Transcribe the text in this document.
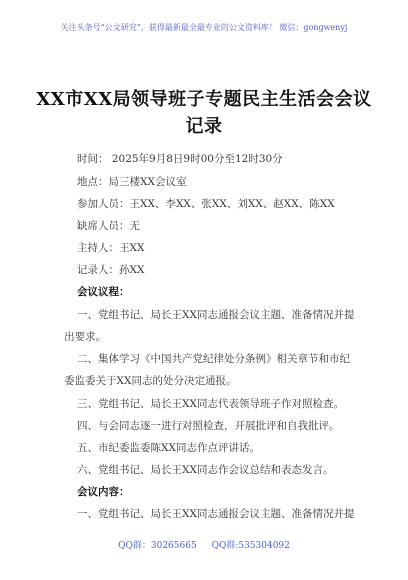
关注头条号“公文研究”，获得最新最全最专业的公文资料库！ 微信：gongwenyj
XX市XX局领导班子专题民主生活会会议
记录
时间： 2025年9月8日9时00分至12时30分
地点：局三楼XX会议室
参加人员：王XX、李XX、张XX、刘XX、赵XX、陈XX
缺席人员：无
主持人：王XX
记录人：孙XX
会议议程：
一、党组书记、局长王XX同志通报会议主题、准备情况并提
出要求。
二、集体学习《中国共产党纪律处分条例》相关章节和市纪
委监委关于XX同志的处分决定通报。
三、党组书记、局长王XX同志代表领导班子作对照检查。
四、与会同志逐一进行对照检查，开展批评和自我批评。
五、市纪委监委陈XX同志作点评讲话。
六、党组书记、局长王XX同志作会议总结和表态发言。
会议内容：
一、党组书记、局长王XX同志通报会议主题、准备情况并提
QQ群：30265665 QQ群:535304092
